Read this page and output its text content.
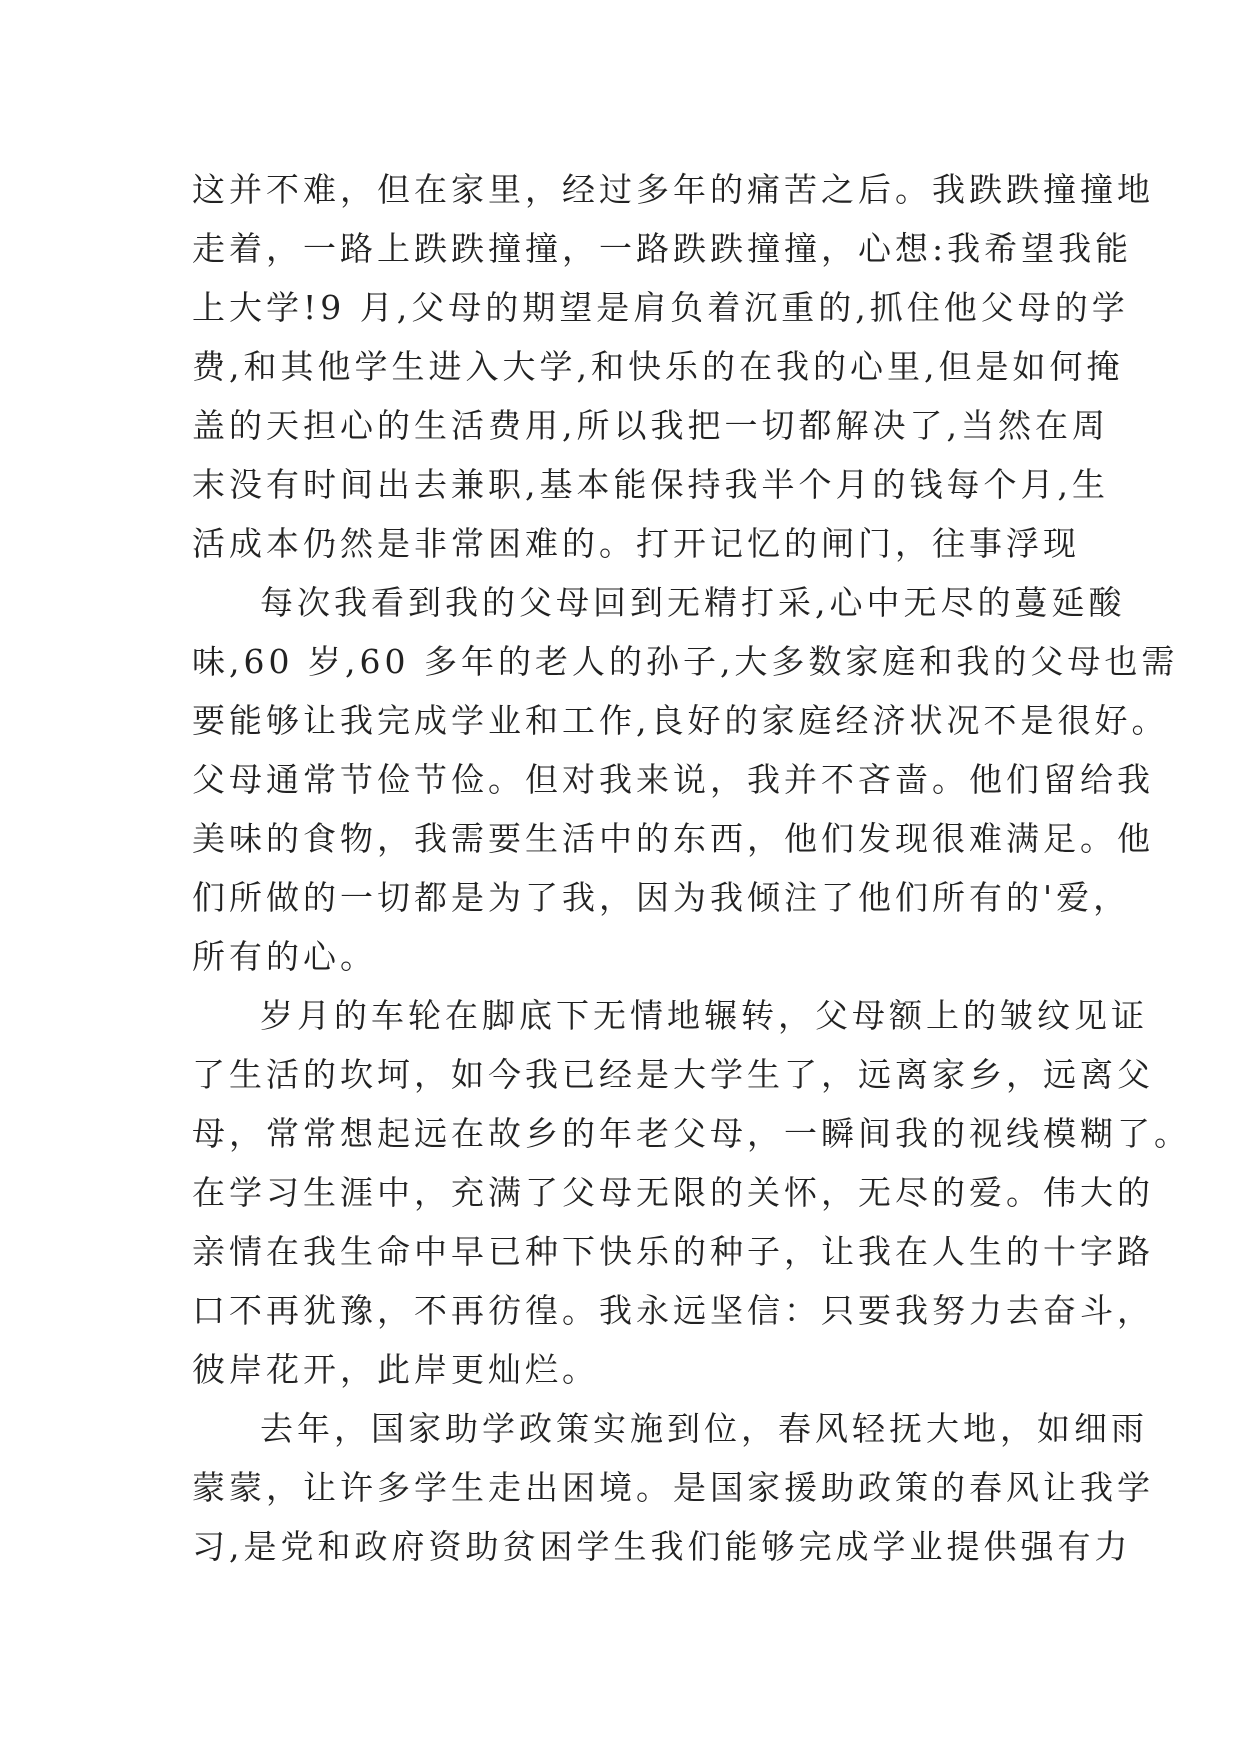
这并不难，但在家里，经过多年的痛苦之后。我跌跌撞撞地
走着，一路上跌跌撞撞，一路跌跌撞撞，心想:我希望我能
上大学!9 月,父母的期望是肩负着沉重的,抓住他父母的学
费,和其他学生进入大学,和快乐的在我的心里,但是如何掩
盖的天担心的生活费用,所以我把一切都解决了,当然在周
末没有时间出去兼职,基本能保持我半个月的钱每个月,生
活成本仍然是非常困难的。打开记忆的闸门，往事浮现
每次我看到我的父母回到无精打采,心中无尽的蔓延酸
味,60 岁,60 多年的老人的孙子,大多数家庭和我的父母也需
要能够让我完成学业和工作,良好的家庭经济状况不是很好。
父母通常节俭节俭。但对我来说，我并不吝啬。他们留给我
美味的食物，我需要生活中的东西，他们发现很难满足。他
们所做的一切都是为了我，因为我倾注了他们所有的'爱，
所有的心。
岁月的车轮在脚底下无情地辗转，父母额上的皱纹见证
了生活的坎坷，如今我已经是大学生了，远离家乡，远离父
母，常常想起远在故乡的年老父母，一瞬间我的视线模糊了。
在学习生涯中，充满了父母无限的关怀，无尽的爱。伟大的
亲情在我生命中早已种下快乐的种子，让我在人生的十字路
口不再犹豫，不再彷徨。我永远坚信：只要我努力去奋斗，
彼岸花开，此岸更灿烂。
去年，国家助学政策实施到位，春风轻抚大地，如细雨
蒙蒙，让许多学生走出困境。是国家援助政策的春风让我学
习,是党和政府资助贫困学生我们能够完成学业提供强有力
